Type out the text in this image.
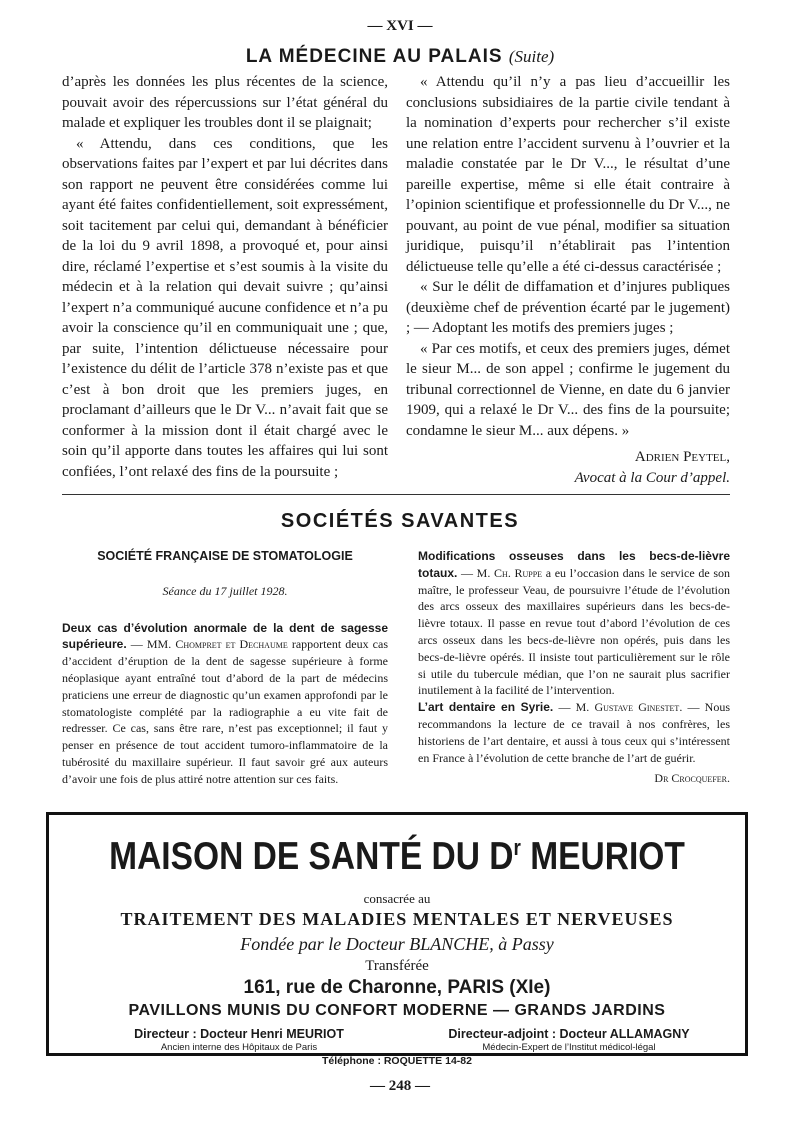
— XVI —
LA MÉDECINE AU PALAIS (Suite)

d’après les données les plus récentes de la science, pouvait avoir des répercussions sur l’état général du malade et expliquer les troubles dont il se plaignait;

« Attendu, dans ces conditions, que les observations faites par l’expert et par lui décrites dans son rapport ne peuvent être considérées comme lui ayant été faites confidentiellement, soit expressément, soit tacitement par celui qui, demandant à bénéficier de la loi du 9 avril 1898, a provoqué et, pour ainsi dire, réclamé l’expertise et s’est soumis à la visite du médecin et à la relation qui devait suivre ; qu’ainsi l’expert n’a communiqué aucune confidence et n’a pu avoir la conscience qu’il en communiquait une ; que, par suite, l’intention délictueuse nécessaire pour l’existence du délit de l’article 378 n’existe pas et que c’est à bon droit que les premiers juges, en proclamant d’ailleurs que le Dr V... n’avait fait que se conformer à la mission dont il était chargé avec le soin qu’il apporte dans toutes les affaires qui lui sont confiées, l’ont relaxé des fins de la poursuite ;

« Attendu qu’il n’y a pas lieu d’accueillir les conclusions subsidiaires de la partie civile tendant à la nomination d’experts pour rechercher s’il existe une relation entre l’accident survenu à l’ouvrier et la maladie constatée par le Dr V..., le résultat d’une pareille expertise, même si elle était contraire à l’opinion scientifique et professionnelle du Dr V..., ne pouvant, au point de vue pénal, modifier sa situation juridique, puisqu’il n’établirait pas l’intention délictueuse telle qu’elle a été ci-dessus caractérisée ;

« Sur le délit de diffamation et d’injures publiques (deuxième chef de prévention écarté par le jugement) ; — Adoptant les motifs des premiers juges ;

« Par ces motifs, et ceux des premiers juges, démet le sieur M... de son appel ; confirme le jugement du tribunal correctionnel de Vienne, en date du 6 janvier 1909, qui a relaxé le Dr V... des fins de la poursuite; condamne le sieur M... aux dépens. »

Adrien Peytel,
Avocat à la Cour d’appel.
SOCIÉTÉS SAVANTES
SOCIÉTÉ FRANÇAISE DE STOMATOLOGIE
Séance du 17 juillet 1928.

Deux cas d’évolution anormale de la dent de sagesse supérieure. — MM. Chompret et Dechaume rapportent deux cas d’accident d’éruption de la dent de sagesse supérieure à forme néoplasique ayant entraîné tout d’abord de la part de médecins praticiens une erreur de diagnostic qu’un examen approfondi par le stomatologiste complété par la radiographie a eu vite fait de redresser. Ce cas, sans être rare, n’est pas exceptionnel; il faut y penser en présence de tout accident tumoro-inflammatoire de la tubérosité du maxillaire supérieur. Il faut savoir gré aux auteurs d’avoir une fois de plus attiré notre attention sur ces faits.

Modifications osseuses dans les becs-de-lièvre totaux. — M. Ch. Ruppe a eu l’occasion dans le service de son maître, le professeur Veau, de poursuivre l’étude de l’évolution des arcs osseux des maxillaires supérieurs dans les becs-de-lièvre totaux. Il passe en revue tout d’abord l’évolution de ces arcs osseux dans les becs-de-lièvre non opérés, puis dans les becs-de-lièvre opérés. Il insiste tout particulièrement sur le rôle si utile du tubercule médian, que l’on ne saurait plus sacrifier inutilement à la facilité de l’intervention.

L’art dentaire en Syrie. — M. Gustave Ginestet. — Nous recommandons la lecture de ce travail à nos confrères, les historiens de l’art dentaire, et aussi à tous ceux qui s’intéressent en France à l’évolution de cette branche de l’art de guérir.

Dr Crocquefer.
MAISON DE SANTÉ DU $D^r$ MEURIOT
consacrée au
TRAITEMENT DES MALADIES MENTALES ET NERVEUSES
Fondée par le Docteur BLANCHE, à Passy
Transférée
161, rue de Charonne, PARIS (XIe)
PAVILLONS MUNIS DU CONFORT MODERNE — GRANDS JARDINS
Directeur : Docteur Henri MEURIOT
Ancien interne des Hôpitaux de Paris
Directeur-adjoint : Docteur ALLAMAGNY
Médecin-Expert de l’Institut médicol-légal
Téléphone : ROQUETTE 14-82
— 248 —
